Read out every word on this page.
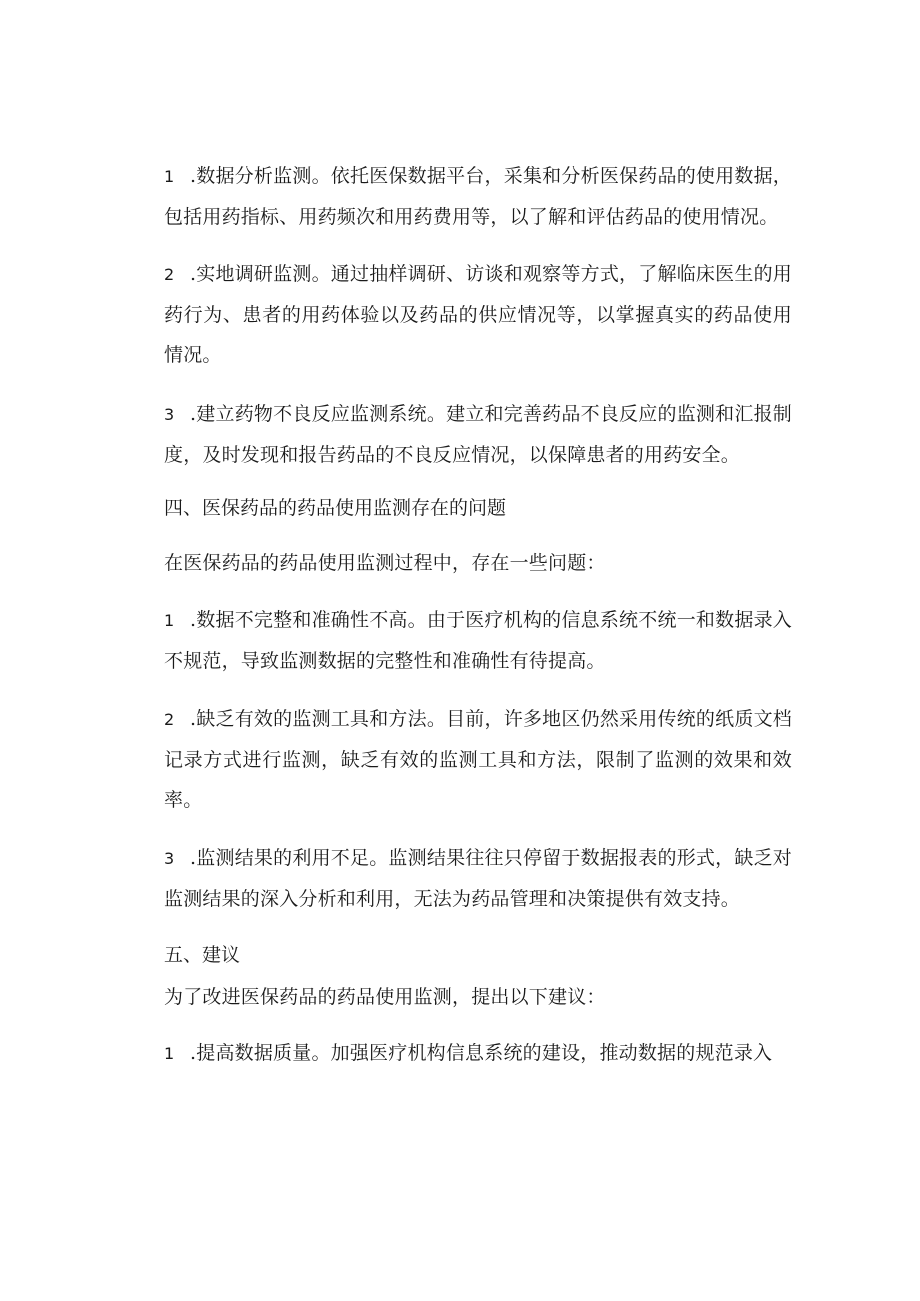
1 .数据分析监测。依托医保数据平台，采集和分析医保药品的使用数据，包括用药指标、用药频次和用药费用等，以了解和评估药品的使用情况。
2 .实地调研监测。通过抽样调研、访谈和观察等方式，了解临床医生的用药行为、患者的用药体验以及药品的供应情况等，以掌握真实的药品使用情况。
3 .建立药物不良反应监测系统。建立和完善药品不良反应的监测和汇报制度，及时发现和报告药品的不良反应情况，以保障患者的用药安全。
四、医保药品的药品使用监测存在的问题
在医保药品的药品使用监测过程中，存在一些问题：
1 .数据不完整和准确性不高。由于医疗机构的信息系统不统一和数据录入不规范，导致监测数据的完整性和准确性有待提高。
2 .缺乏有效的监测工具和方法。目前，许多地区仍然采用传统的纸质文档记录方式进行监测，缺乏有效的监测工具和方法，限制了监测的效果和效率。
3 .监测结果的利用不足。监测结果往往只停留于数据报表的形式，缺乏对监测结果的深入分析和利用，无法为药品管理和决策提供有效支持。
五、建议
为了改进医保药品的药品使用监测，提出以下建议：
1 .提高数据质量。加强医疗机构信息系统的建设，推动数据的规范录入
